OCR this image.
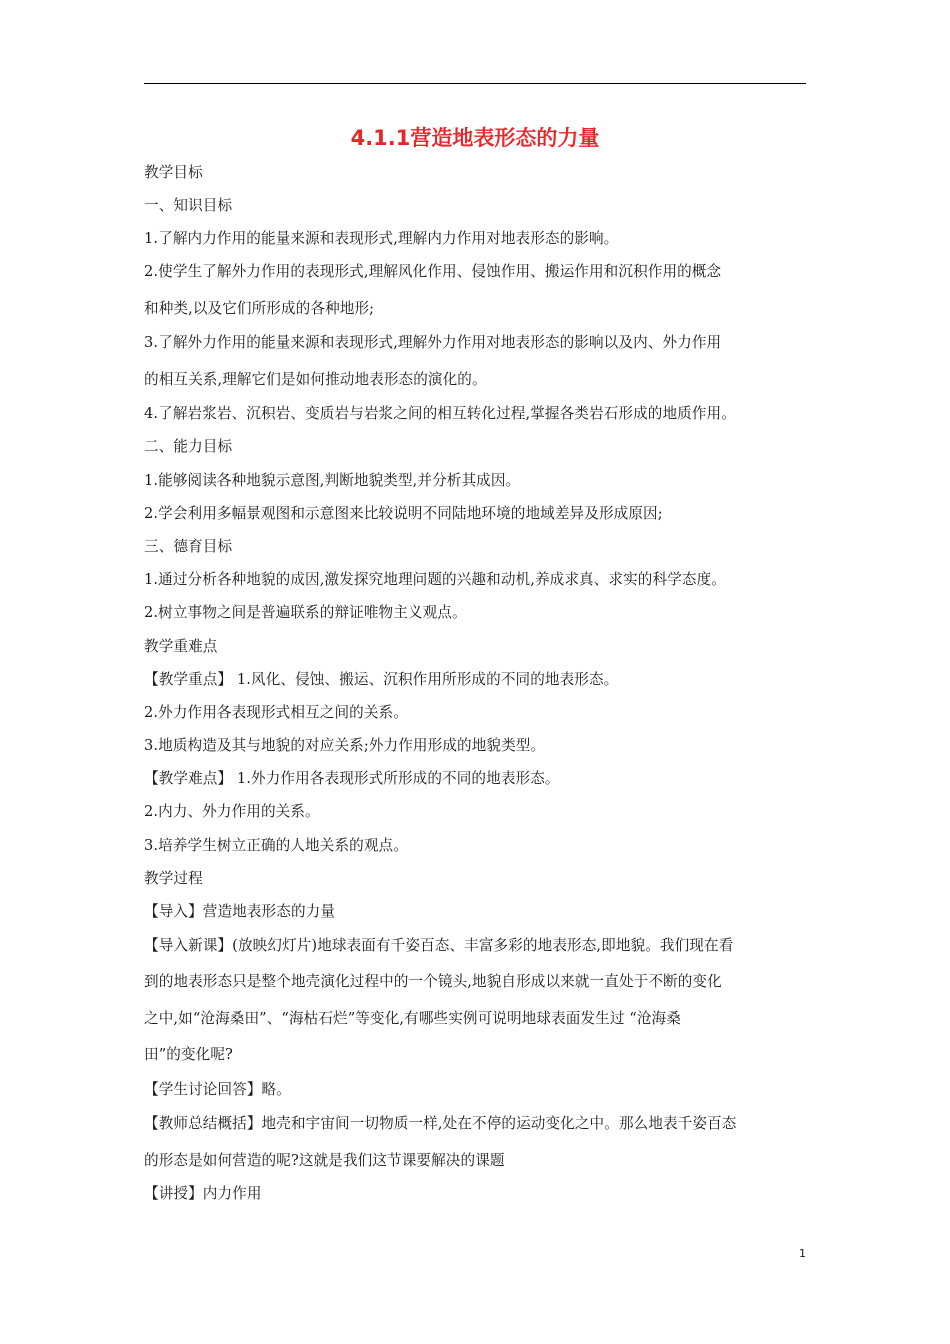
4.1.1营造地表形态的力量
教学目标
一、知识目标
1.了解内力作用的能量来源和表现形式,理解内力作用对地表形态的影响。
2.使学生了解外力作用的表现形式,理解风化作用、侵蚀作用、搬运作用和沉积作用的概念
和种类,以及它们所形成的各种地形;
3.了解外力作用的能量来源和表现形式,理解外力作用对地表形态的影响以及内、外力作用
的相互关系,理解它们是如何推动地表形态的演化的。
4.了解岩浆岩、沉积岩、变质岩与岩浆之间的相互转化过程,掌握各类岩石形成的地质作用。
二、能力目标
1.能够阅读各种地貌示意图,判断地貌类型,并分析其成因。
2.学会利用多幅景观图和示意图来比较说明不同陆地环境的地域差异及形成原因;
三、德育目标
1.通过分析各种地貌的成因,激发探究地理问题的兴趣和动机,养成求真、求实的科学态度。
2.树立事物之间是普遍联系的辩证唯物主义观点。
教学重难点
【教学重点】 1.风化、侵蚀、搬运、沉积作用所形成的不同的地表形态。
2.外力作用各表现形式相互之间的关系。
3.地质构造及其与地貌的对应关系;外力作用形成的地貌类型。
【教学难点】 1.外力作用各表现形式所形成的不同的地表形态。
2.内力、外力作用的关系。
3.培养学生树立正确的人地关系的观点。
教学过程
【导入】营造地表形态的力量
【导入新课】(放映幻灯片)地球表面有千姿百态、丰富多彩的地表形态,即地貌。我们现在看
到的地表形态只是整个地壳演化过程中的一个镜头,地貌自形成以来就一直处于不断的变化
之中,如“沧海桑田”、“海枯石烂”等变化,有哪些实例可说明地球表面发生过 “沧海桑
田”的变化呢?
【学生讨论回答】略。
【教师总结概括】地壳和宇宙间一切物质一样,处在不停的运动变化之中。那么地表千姿百态
的形态是如何营造的呢?这就是我们这节课要解决的课题
【讲授】内力作用
1
